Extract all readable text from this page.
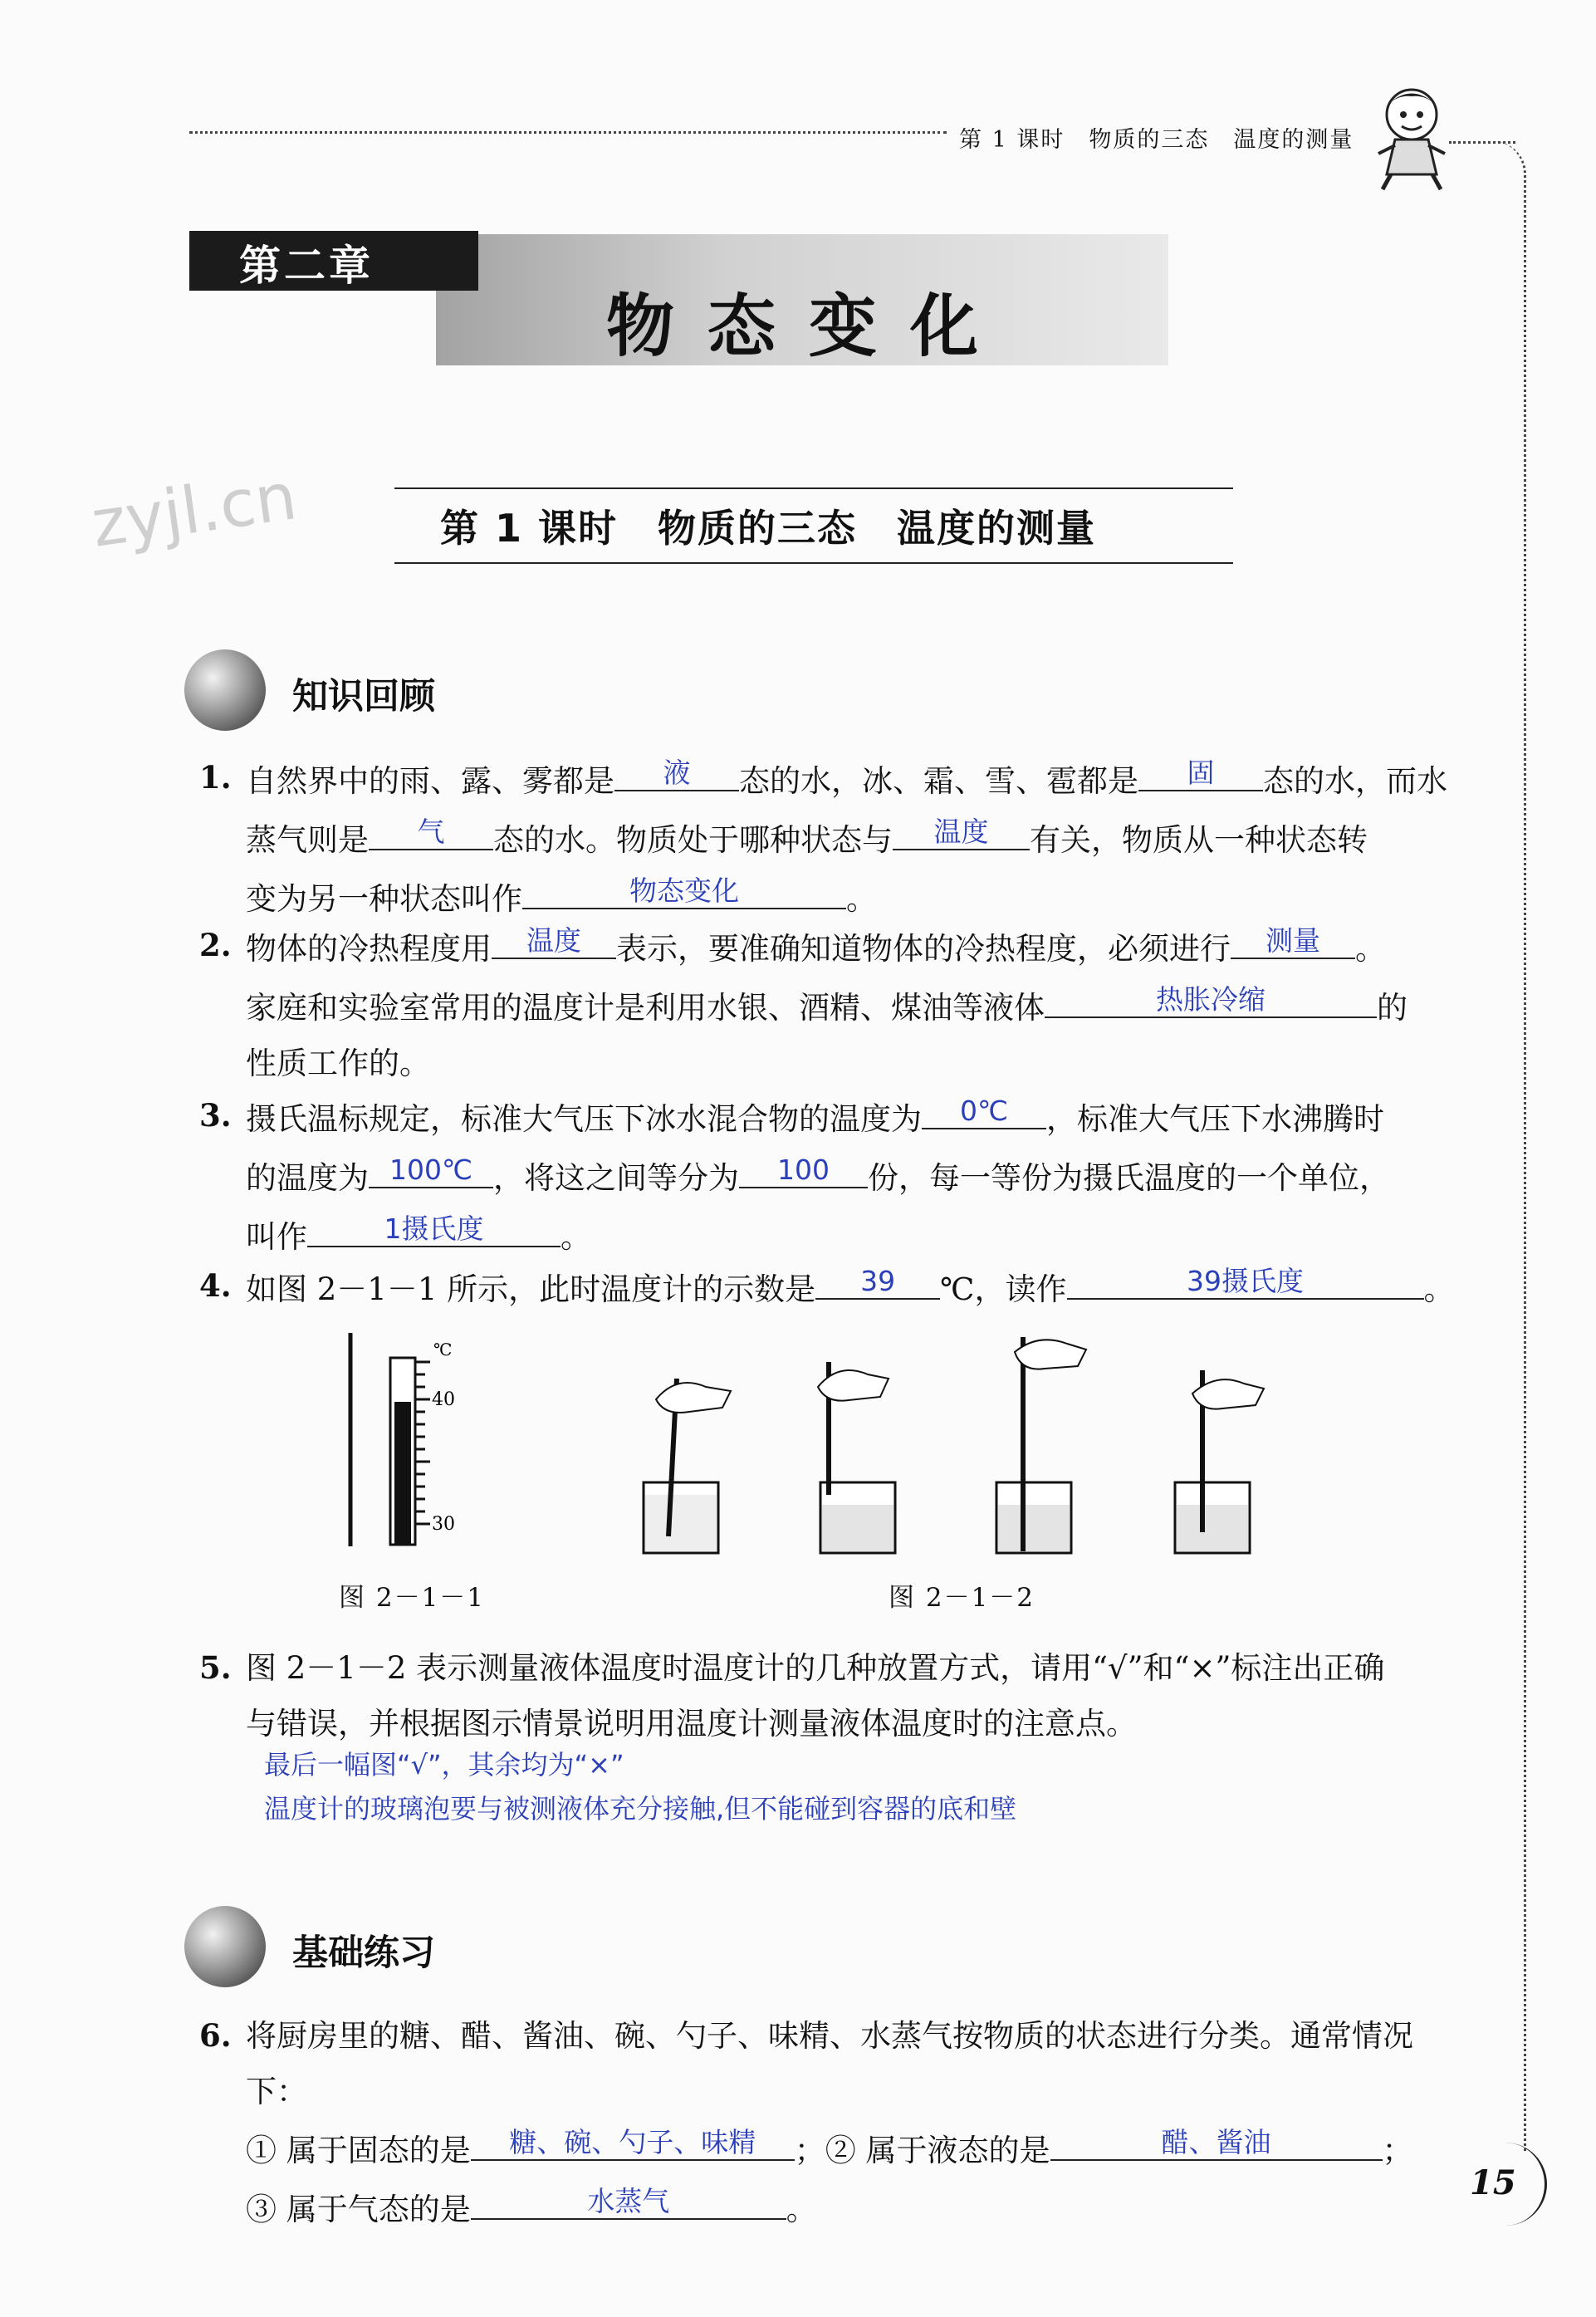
第 1 课时　物质的三态　温度的测量
第二章
物态变化
zyjl.cn	第 1 课时　物质的三态　温度的测量
知识回顾
1. 自然界中的雨、露、雾都是	液	态的水，冰、霜、雪、雹都是	固	态的水，而水
蒸气则是	气	态的水。物质处于哪种状态与	温度	有关，物质从一种状态转
变为另一种状态叫作	物态变化	。
2. 物体的冷热程度用	温度	表示，要准确知道物体的冷热程度，必须进行	测量	。
家庭和实验室常用的温度计是利用水银、酒精、煤油等液体	热胀冷缩	的
性质工作的。
3. 摄氏温标规定，标准大气压下冰水混合物的温度为	0℃	，标准大气压下水沸腾时
的温度为 100℃ ，将这之间等分为	100	份，每一等份为摄氏温度的一个单位，
叫作	1摄氏度	。
4. 如图 2－1－1 所示，此时温度计的示数是	39	℃，读作	39摄氏度	。
℃
40
30
图 2－1－1	图 2－1－2
5. 图 2－1－2 表示测量液体温度时温度计的几种放置方式，请用“√”和“×”标注出正确
与错误，并根据图示情景说明用温度计测量液体温度时的注意点。
最后一幅图“√”，其余均为“×”
温度计的玻璃泡要与被测液体充分接触,但不能碰到容器的底和壁
基础练习
6. 将厨房里的糖、醋、酱油、碗、勺子、味精、水蒸气按物质的状态进行分类。通常情况下：
① 属于固态的是	糖、碗、勺子、味精	；② 属于液态的是	醋、酱油	；
③ 属于气态的是	水蒸气	。
15
